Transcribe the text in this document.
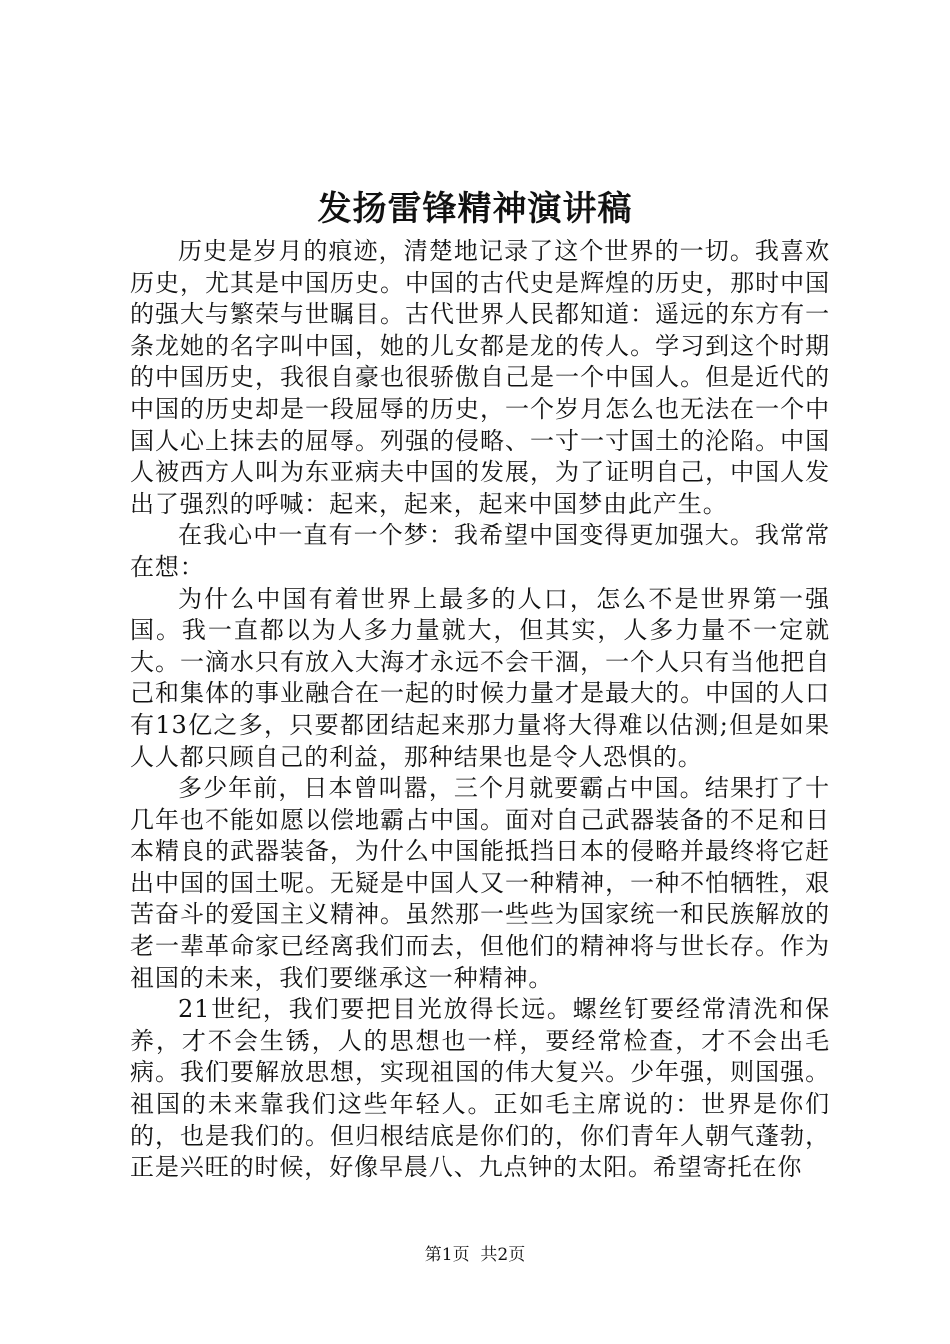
发扬雷锋精神演讲稿

历史是岁月的痕迹，清楚地记录了这个世界的一切。我喜欢历史，尤其是中国历史。中国的古代史是辉煌的历史，那时中国的强大与繁荣与世瞩目。古代世界人民都知道：遥远的东方有一条龙她的名字叫中国，她的儿女都是龙的传人。学习到这个时期的中国历史，我很自豪也很骄傲自己是一个中国人。但是近代的中国的历史却是一段屈辱的历史，一个岁月怎么也无法在一个中国人心上抹去的屈辱。列强的侵略、一寸一寸国土的沦陷。中国人被西方人叫为东亚病夫中国的发展，为了证明自己，中国人发出了强烈的呼喊：起来，起来，起来中国梦由此产生。

在我心中一直有一个梦：我希望中国变得更加强大。我常常在想：

为什么中国有着世界上最多的人口，怎么不是世界第一强国。我一直都以为人多力量就大，但其实，人多力量不一定就大。一滴水只有放入大海才永远不会干涸，一个人只有当他把自己和集体的事业融合在一起的时候力量才是最大的。中国的人口有13亿之多，只要都团结起来那力量将大得难以估测;但是如果人人都只顾自己的利益，那种结果也是令人恐惧的。

多少年前，日本曾叫嚣，三个月就要霸占中国。结果打了十几年也不能如愿以偿地霸占中国。面对自己武器装备的不足和日本精良的武器装备，为什么中国能抵挡日本的侵略并最终将它赶出中国的国土呢。无疑是中国人又一种精神，一种不怕牺牲，艰苦奋斗的爱国主义精神。虽然那一些些为国家统一和民族解放的老一辈革命家已经离我们而去，但他们的精神将与世长存。作为祖国的未来，我们要继承这一种精神。

21世纪，我们要把目光放得长远。螺丝钉要经常清洗和保养，才不会生锈，人的思想也一样，要经常检查，才不会出毛病。我们要解放思想，实现祖国的伟大复兴。少年强，则国强。祖国的未来靠我们这些年轻人。正如毛主席说的：世界是你们的，也是我们的。但归根结底是你们的，你们青年人朝气蓬勃，正是兴旺的时候，好像早晨八、九点钟的太阳。希望寄托在你

第1页  共2页
